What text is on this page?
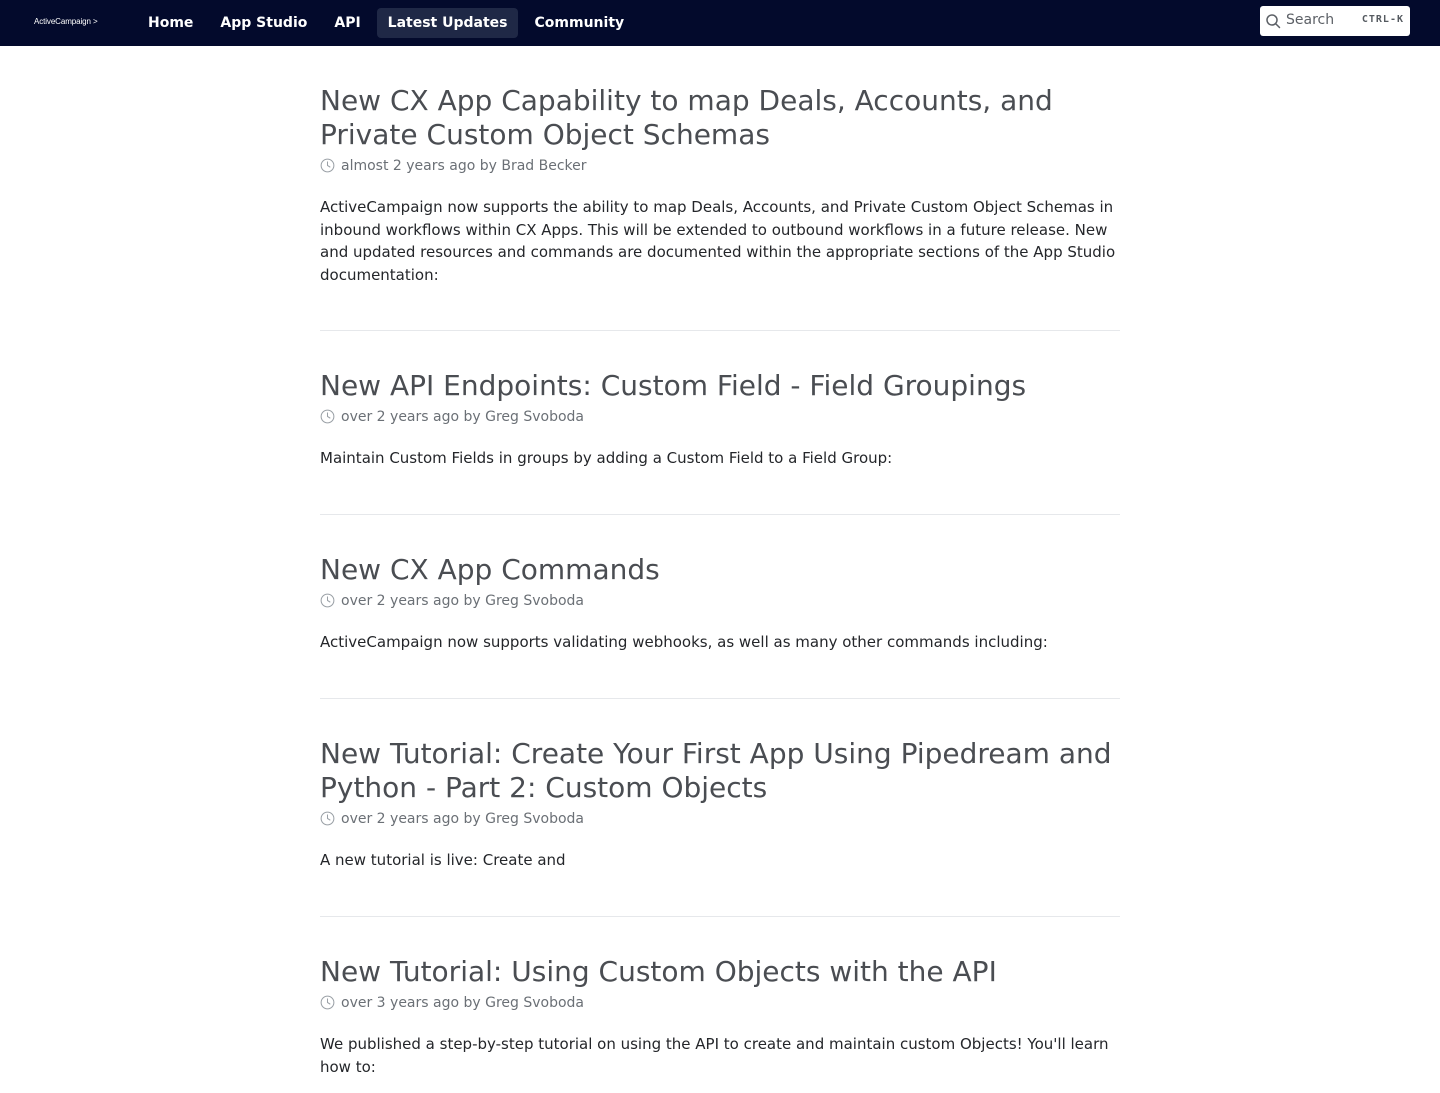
ActiveCampaign >	Home	App Studio	API	Latest Updates	Community	Search	CTRL-K
New CX App Capability to map Deals, Accounts, and Private Custom Object Schemas
almost 2 years ago by Brad Becker

ActiveCampaign now supports the ability to map Deals, Accounts, and Private Custom Object Schemas in inbound workflows within CX Apps. This will be extended to outbound workflows in a future release. New and updated resources and commands are documented within the appropriate sections of the App Studio documentation:

New API Endpoints: Custom Field - Field Groupings
over 2 years ago by Greg Svoboda

Maintain Custom Fields in groups by adding a Custom Field to a Field Group:

New CX App Commands
over 2 years ago by Greg Svoboda

ActiveCampaign now supports validating webhooks, as well as many other commands including:

New Tutorial: Create Your First App Using Pipedream and Python - Part 2: Custom Objects
over 2 years ago by Greg Svoboda

A new tutorial is live: Create and

New Tutorial: Using Custom Objects with the API
over 3 years ago by Greg Svoboda

We published a step-by-step tutorial on using the API to create and maintain custom Objects! You'll learn how to:
